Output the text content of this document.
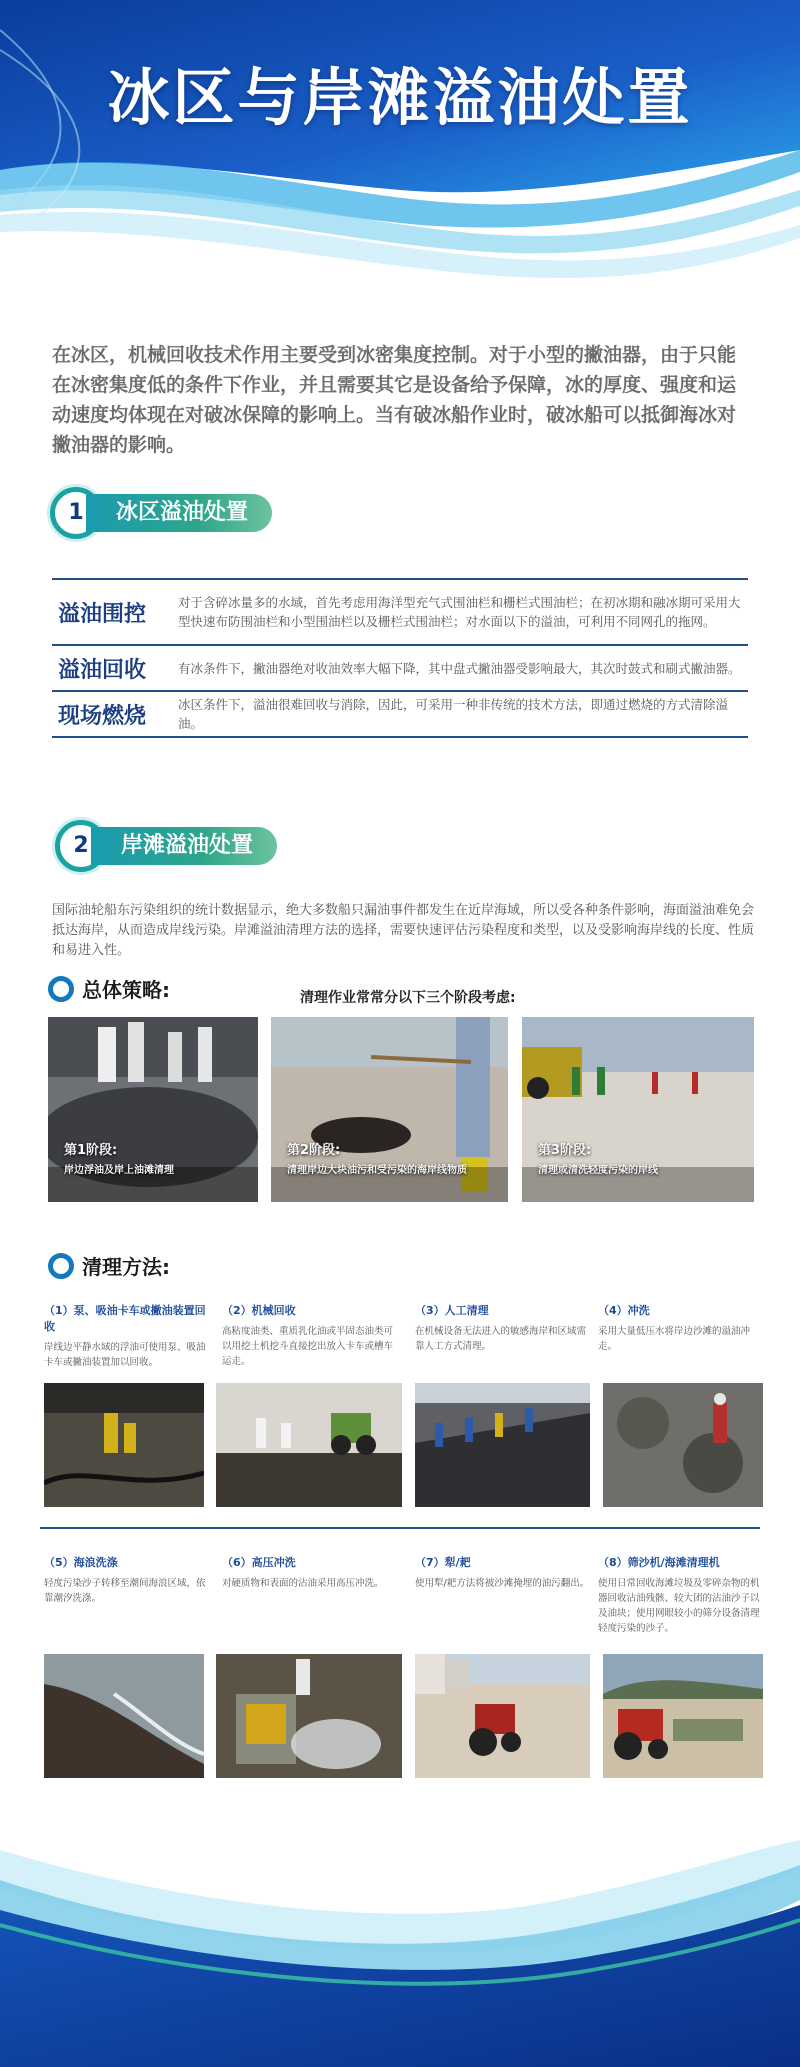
冰区与岸滩溢油处置
在冰区，机械回收技术作用主要受到冰密集度控制。对于小型的撇油器，由于只能在冰密集度低的条件下作业，并且需要其它是设备给予保障，冰的厚度、强度和运动速度均体现在对破冰保障的影响上。当有破冰船作业时，破冰船可以抵御海冰对撇油器的影响。
1	冰区溢油处置
溢油围控	对于含碎冰量多的水域，首先考虑用海洋型充气式围油栏和栅栏式围油栏；在初冰期和融冰期可采用大型快速布防围油栏和小型围油栏以及栅栏式围油栏；对水面以下的溢油，可利用不同网孔的拖网。
溢油回收	有冰条件下，撇油器绝对收油效率大幅下降，其中盘式撇油器受影响最大，其次时鼓式和刷式撇油器。
现场燃烧	冰区条件下，溢油很难回收与消除，因此，可采用一种非传统的技术方法，即通过燃烧的方式清除溢油。
2	岸滩溢油处置
国际油轮船东污染组织的统计数据显示，绝大多数船只漏油事件都发生在近岸海域，所以受各种条件影响，海面溢油难免会抵达海岸，从而造成岸线污染。岸滩溢油清理方法的选择，需要快速评估污染程度和类型，以及受影响海岸线的长度、性质和易进入性。
总体策略:	清理作业常常分以下三个阶段考虑:
第1阶段:
岸边浮油及岸上油滩清理
第2阶段:
清理岸边大块油污和受污染的海岸线物质
第3阶段:
清理或清洗轻度污染的岸线
清理方法:
（1）泵、吸油卡车或撇油装置回收
岸线边平静水域的浮油可使用泵、吸油卡车或撇油装置加以回收。
（2）机械回收
高粘度油类、重质乳化油或半固态油类可以用挖土机挖斗直接挖出放入卡车或槽车运走。
（3）人工清理
在机械设备无法进入的敏感海岸和区域需靠人工方式清理。
（4）冲洗
采用大量低压水将岸边沙滩的溢油冲走。
（5）海浪洗涤
轻度污染沙子转移至潮间海浪区域，依靠潮汐洗涤。
（6）高压冲洗
对硬质物和表面的沾油采用高压冲洗。
（7）犁/耙
使用犁/耙方法将被沙滩掩埋的油污翻出。
（8）筛沙机/海滩清理机
使用日常回收海滩垃圾及零碎杂物的机器回收沾油残骸、较大团的沾油沙子以及油块；使用网眼较小的筛分设备清理轻度污染的沙子。
